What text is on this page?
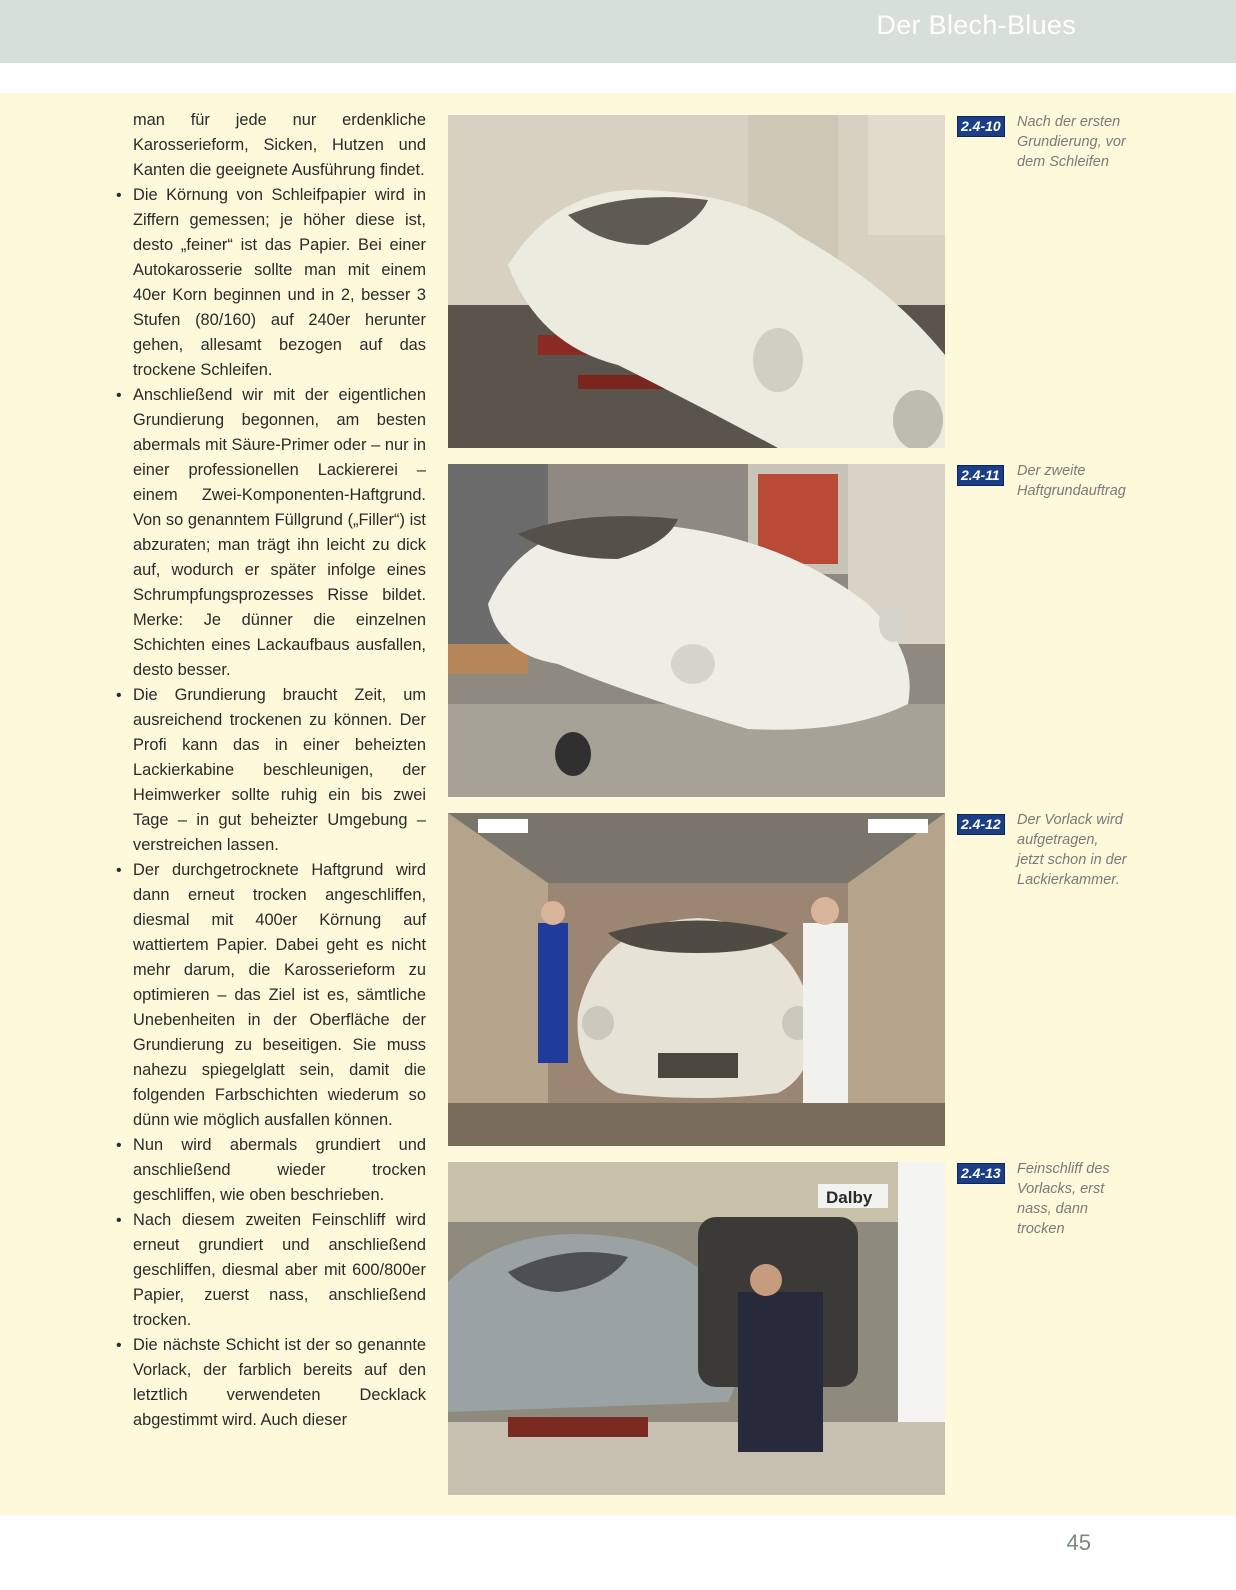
Der Blech-Blues

man für jede nur erdenkliche Karosserieform, Sicken, Hutzen und Kanten die geeignete Ausführung findet.

• Die Körnung von Schleifpapier wird in Ziffern gemessen; je höher diese ist, desto „feiner“ ist das Papier. Bei einer Autokarosserie sollte man mit einem 40er Korn beginnen und in 2, besser 3 Stufen (80/160) auf 240er herunter gehen, allesamt bezogen auf das trockene Schleifen.

• Anschließend wir mit der eigentlichen Grundierung begonnen, am besten abermals mit Säure-Primer oder – nur in einer professionellen Lackiererei – einem Zwei-Komponenten-Haftgrund. Von so genanntem Füllgrund („Filler“) ist abzuraten; man trägt ihn leicht zu dick auf, wodurch er später infolge eines Schrumpfungsprozesses Risse bildet. Merke: Je dünner die einzelnen Schichten eines Lackaufbaus ausfallen, desto besser.

• Die Grundierung braucht Zeit, um ausreichend trockenen zu können. Der Profi kann das in einer beheizten Lackierkabine beschleunigen, der Heimwerker sollte ruhig ein bis zwei Tage – in gut beheizter Umgebung – verstreichen lassen.

• Der durchgetrocknete Haftgrund wird dann erneut trocken angeschliffen, diesmal mit 400er Körnung auf wattiertem Papier. Dabei geht es nicht mehr darum, die Karosserieform zu optimieren – das Ziel ist es, sämtliche Unebenheiten in der Oberfläche der Grundierung zu beseitigen. Sie muss nahezu spiegelglatt sein, damit die folgenden Farbschichten wiederum so dünn wie möglich ausfallen können.

• Nun wird abermals grundiert und anschließend wieder trocken geschliffen, wie oben beschrieben.

• Nach diesem zweiten Feinschliff wird erneut grundiert und anschließend geschliffen, diesmal aber mit 600/800er Papier, zuerst nass, anschließend trocken.

• Die nächste Schicht ist der so genannte Vorlack, der farblich bereits auf den letztlich verwendeten Decklack abgestimmt wird. Auch dieser

Dalby
2.4-10 Nach der ersten Grundierung, vor dem Schleifen
2.4-11 Der zweite Haftgrundauftrag
2.4-12 Der Vorlack wird aufgetragen, jetzt schon in der Lackierkammer.
2.4-13 Feinschliff des Vorlacks, erst nass, dann trocken
45
